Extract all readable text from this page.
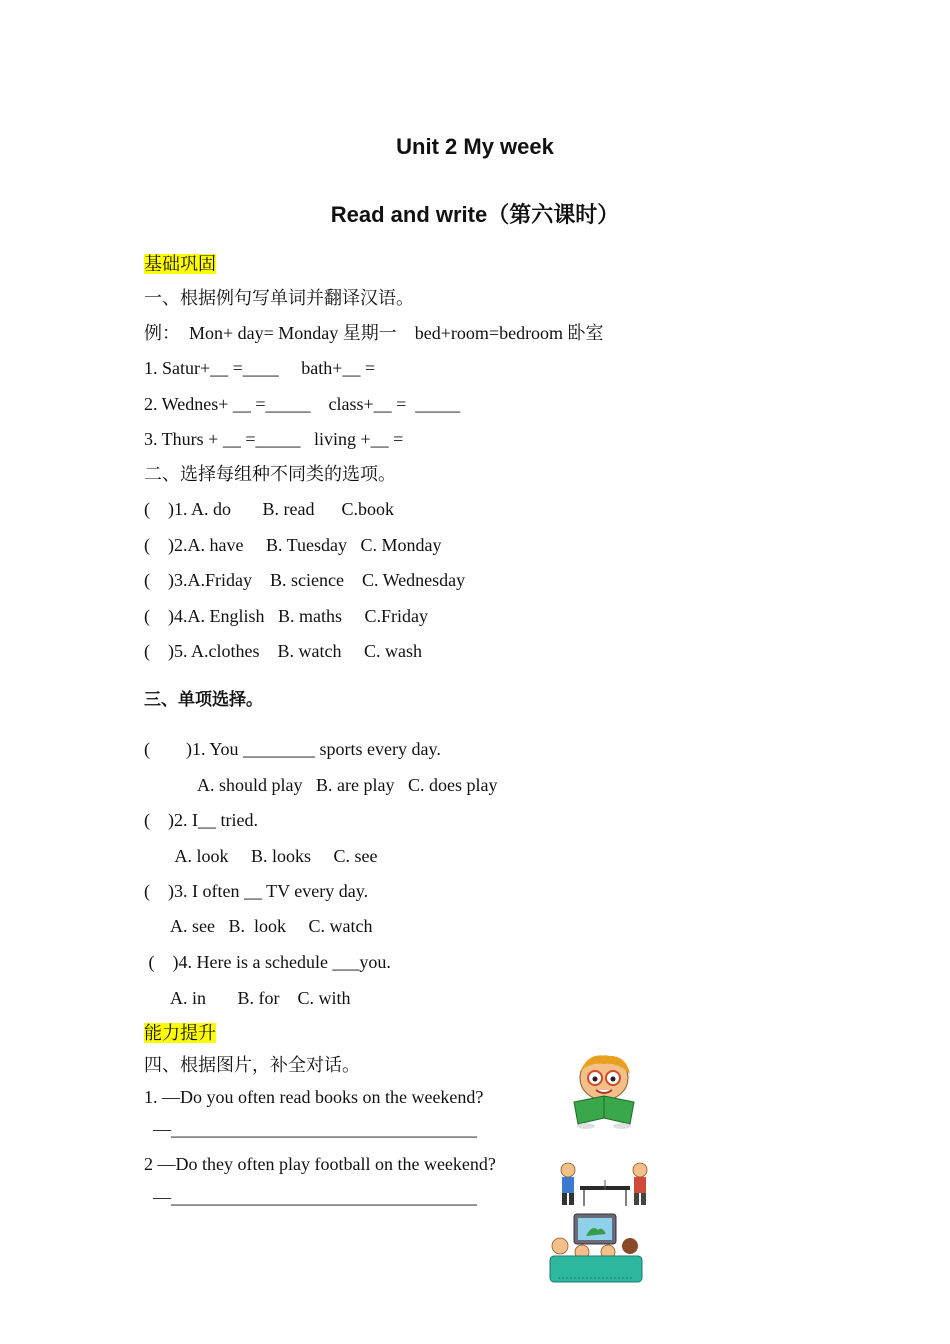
Unit 2 My week
Read and write（第六课时）
基础巩固
一、根据例句写单词并翻译汉语。
例：  Mon+ day= Monday 星期一    bed+room=bedroom 卧室
1. Satur+__ =____     bath+__ =
2. Wednes+ __ =_____    class+__ =  _____
3. Thurs + __ =_____   living +__ =
二、选择每组种不同类的选项。
(    )1. A. do       B. read      C.book
(    )2.A. have     B. Tuesday   C. Monday
(    )3.A.Friday    B. science    C. Wednesday
(    )4.A. English   B. maths     C.Friday
(    )5. A.clothes    B. watch     C. wash
三、单项选择。
(        )1. You ________ sports every day.
A. should play   B. are play   C. does play
(    )2. I__ tried.
A. look     B. looks     C. see
(    )3. I often __ TV every day.
A. see   B.  look     C. watch
(    )4. Here is a schedule ___you.
A. in       B. for    C. with
能力提升
四、根据图片，补全对话。
1. —Do you often read books on the weekend?
—__________________________________
2 —Do they often play football on the weekend?
—__________________________________
